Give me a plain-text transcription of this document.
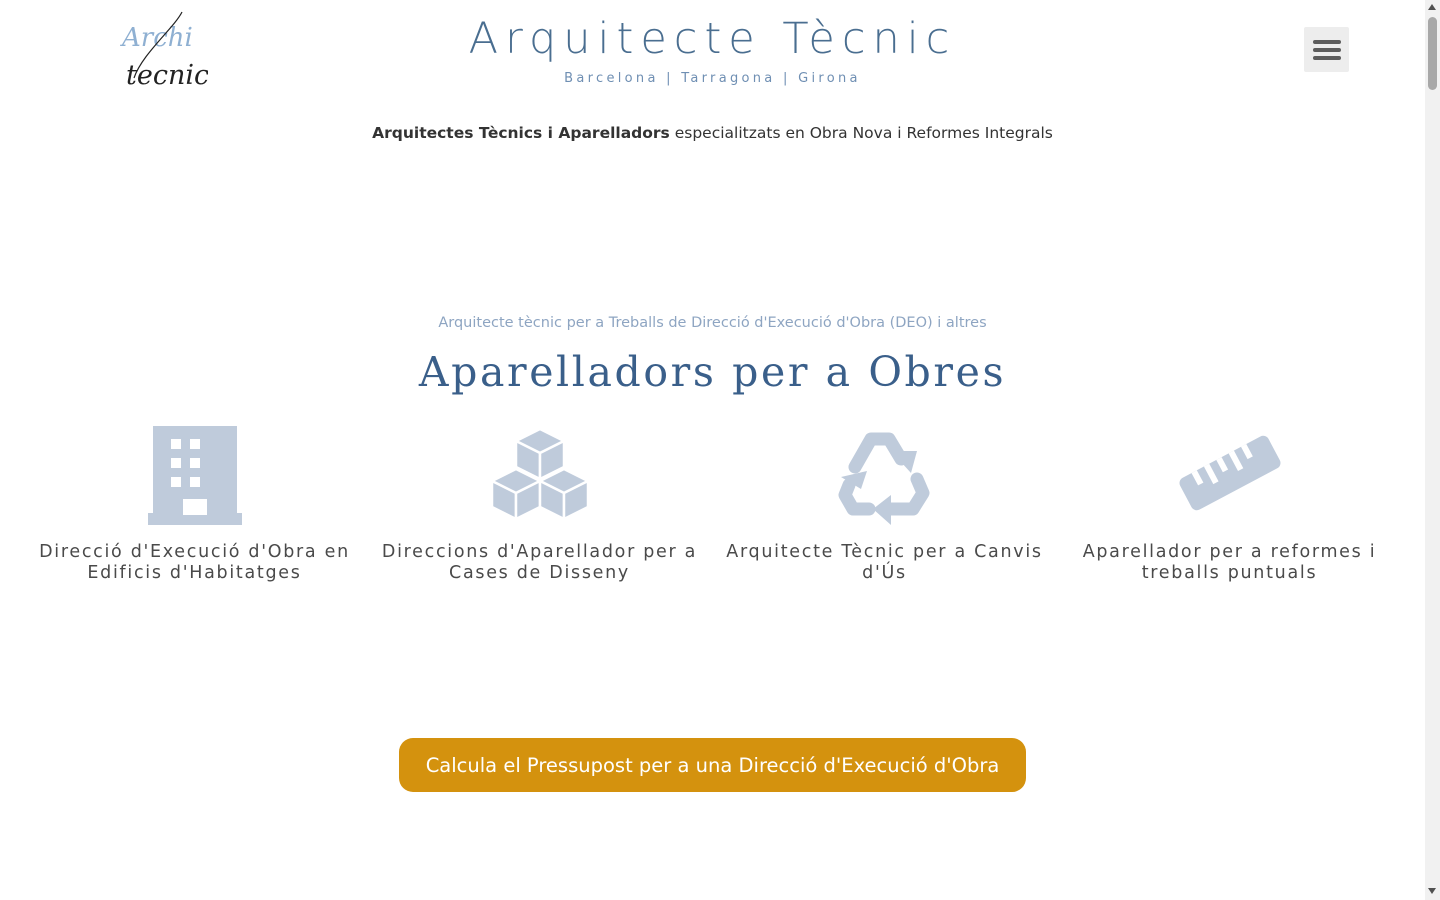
Archi
tecnic
Arquitecte Tècnic
Barcelona | Tarragona | Girona
Arquitectes Tècnics i Aparelladors especialitzats en Obra Nova i Reformes Integrals
Arquitecte tècnic per a Treballs de Direcció d'Execució d'Obra (DEO) i altres
Aparelladors per a Obres
Direcció d'Execució d'Obra en Edificis d'Habitatges
Direccions d'Aparellador per a Cases de Disseny
Arquitecte Tècnic per a Canvis d'Ús
Aparellador per a reformes i treballs puntuals
Calcula el Pressupost per a una Direcció d'Execució d'Obra
